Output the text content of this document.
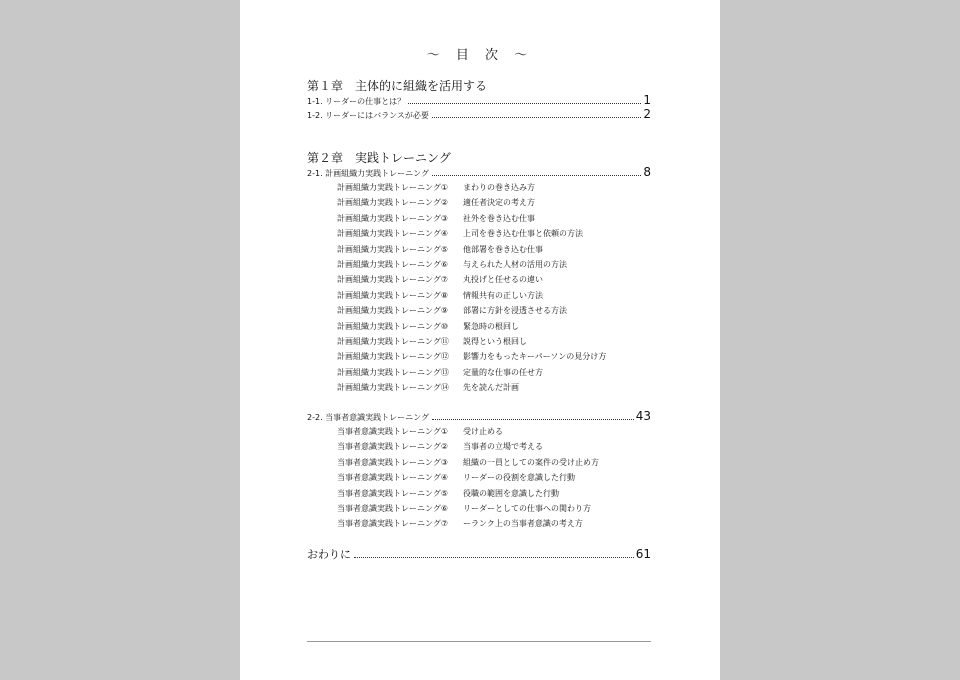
〜 目 次 〜
第１章　主体的に組織を活用する
1-1. リーダーの仕事とは？	1
1-2. リーダーにはバランスが必要	2
第２章　実践トレーニング
2-1. 計画組織力実践トレーニング	8
計画組織力実践トレーニング① まわりの巻き込み方
計画組織力実践トレーニング② 適任者決定の考え方
計画組織力実践トレーニング③ 社外を巻き込む仕事
計画組織力実践トレーニング④ 上司を巻き込む仕事と依頼の方法
計画組織力実践トレーニング⑤ 他部署を巻き込む仕事
計画組織力実践トレーニング⑥ 与えられた人材の活用の方法
計画組織力実践トレーニング⑦ 丸投げと任せるの違い
計画組織力実践トレーニング⑧ 情報共有の正しい方法
計画組織力実践トレーニング⑨ 部署に方針を浸透させる方法
計画組織力実践トレーニング⑩ 緊急時の根回し
計画組織力実践トレーニング⑪ 説得という根回し
計画組織力実践トレーニング⑫ 影響力をもったキーパーソンの見分け方
計画組織力実践トレーニング⑬ 定量的な仕事の任せ方
計画組織力実践トレーニング⑭ 先を読んだ計画
2-2. 当事者意識実践トレーニング	43
当事者意識実践トレーニング① 受け止める
当事者意識実践トレーニング② 当事者の立場で考える
当事者意識実践トレーニング③ 組織の一員としての案件の受け止め方
当事者意識実践トレーニング④ リーダーの役割を意識した行動
当事者意識実践トレーニング⑤ 役職の範囲を意識した行動
当事者意識実践トレーニング⑥ リーダーとしての仕事への関わり方
当事者意識実践トレーニング⑦ ーランク上の当事者意識の考え方
おわりに	61
